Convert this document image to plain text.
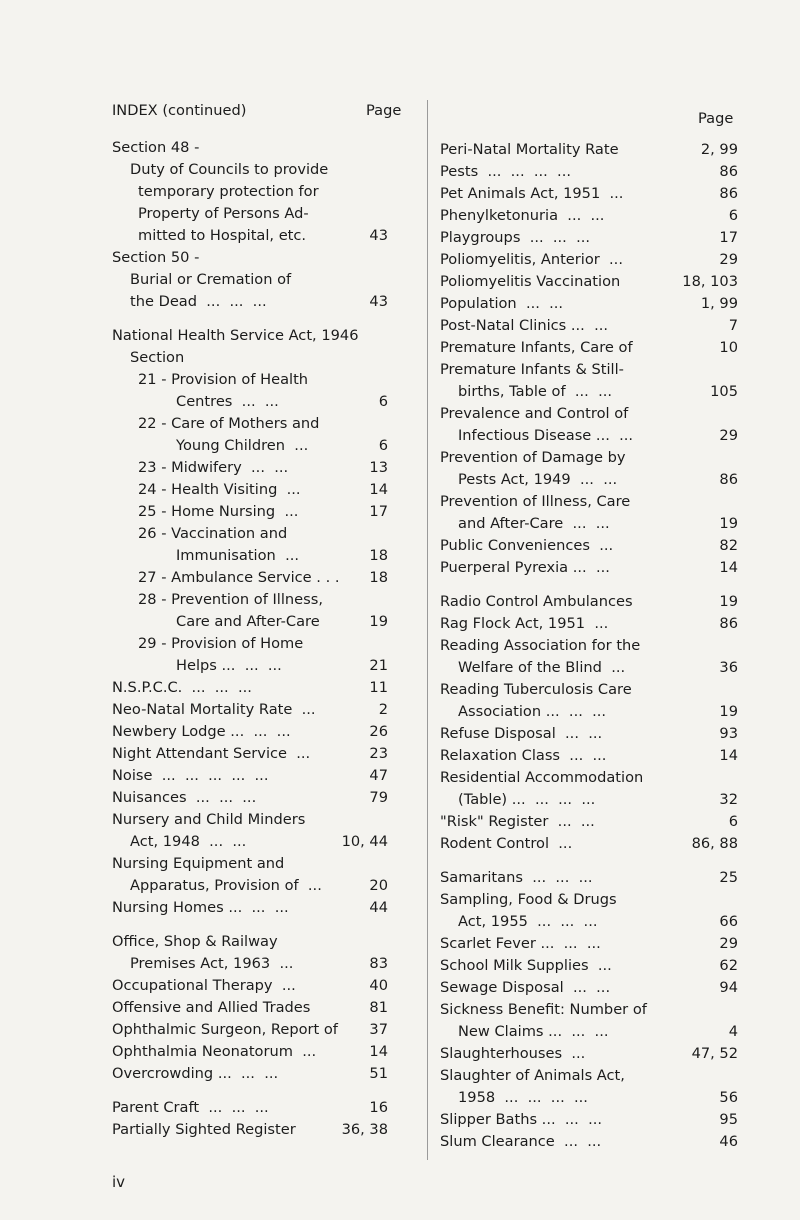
INDEX (continued)	Page
Section 48 -
Duty of Councils to provide
temporary protection for
Property of Persons Ad-
mitted to Hospital, etc.	43
Section 50 -
Burial or Cremation of
the Dead  ...  ...  ...	43
National Health Service Act, 1946
Section
21 - Provision of Health
Centres  ...  ...	6
22 - Care of Mothers and
Young Children  ...	6
23 - Midwifery  ...  ...	13
24 - Health Visiting  ...	14
25 - Home Nursing  ...	17
26 - Vaccination and
Immunisation  ...	18
27 - Ambulance Service . . . 18
28 - Prevention of Illness,
Care and After-Care	19
29 - Provision of Home
Helps ...  ...  ...	21
N.S.P.C.C.  ...  ...  ...	11
Neo-Natal Mortality Rate  ...	2
Newbery Lodge ...  ...  ...	26
Night Attendant Service  ...	23
Noise  ...  ...  ...  ...  ...	47
Nuisances  ...  ...  ...	79
Nursery and Child Minders
Act, 1948  ...  ...	10, 44
Nursing Equipment and
Apparatus, Provision of  ...	20
Nursing Homes ...  ...  ...	44
Office, Shop & Railway
Premises Act, 1963  ...	83
Occupational Therapy  ...	40
Offensive and Allied Trades	81
Ophthalmic Surgeon, Report of 37
Ophthalmia Neonatorum  ...	14
Overcrowding ...  ...  ...	51
Parent Craft  ...  ...  ...	16
Partially Sighted Register	36, 38
Page
Peri-Natal Mortality Rate	2, 99
Pests  ...  ...  ...  ...	86
Pet Animals Act, 1951  ...	86
Phenylketonuria  ...  ...	6
Playgroups  ...  ...  ...	17
Poliomyelitis, Anterior  ...	29
Poliomyelitis Vaccination	18, 103
Population  ...  ...	1, 99
Post-Natal Clinics ...  ...	7
Premature Infants, Care of	10
Premature Infants & Still-
births, Table of  ...  ...	105
Prevalence and Control of
Infectious Disease ...  ...	29
Prevention of Damage by
Pests Act, 1949  ...  ...	86
Prevention of Illness, Care
and After-Care  ...  ...	19
Public Conveniences  ...	82
Puerperal Pyrexia ...  ...	14
Radio Control Ambulances	19
Rag Flock Act, 1951  ...	86
Reading Association for the
Welfare of the Blind  ...	36
Reading Tuberculosis Care
Association ...  ...  ...	19
Refuse Disposal  ...  ...	93
Relaxation Class  ...  ...	14
Residential Accommodation
(Table) ...  ...  ...  ...	32
"Risk" Register  ...  ...	6
Rodent Control  ...	86, 88
Samaritans  ...  ...  ...	25
Sampling, Food & Drugs
Act, 1955  ...  ...  ...	66
Scarlet Fever ...  ...  ...	29
School Milk Supplies  ...	62
Sewage Disposal  ...  ...	94
Sickness Benefit: Number of
New Claims ...  ...  ...	4
Slaughterhouses  ...	47, 52
Slaughter of Animals Act,
1958  ...  ...  ...  ...	56
Slipper Baths ...  ...  ...	95
Slum Clearance  ...  ...	46
iv
